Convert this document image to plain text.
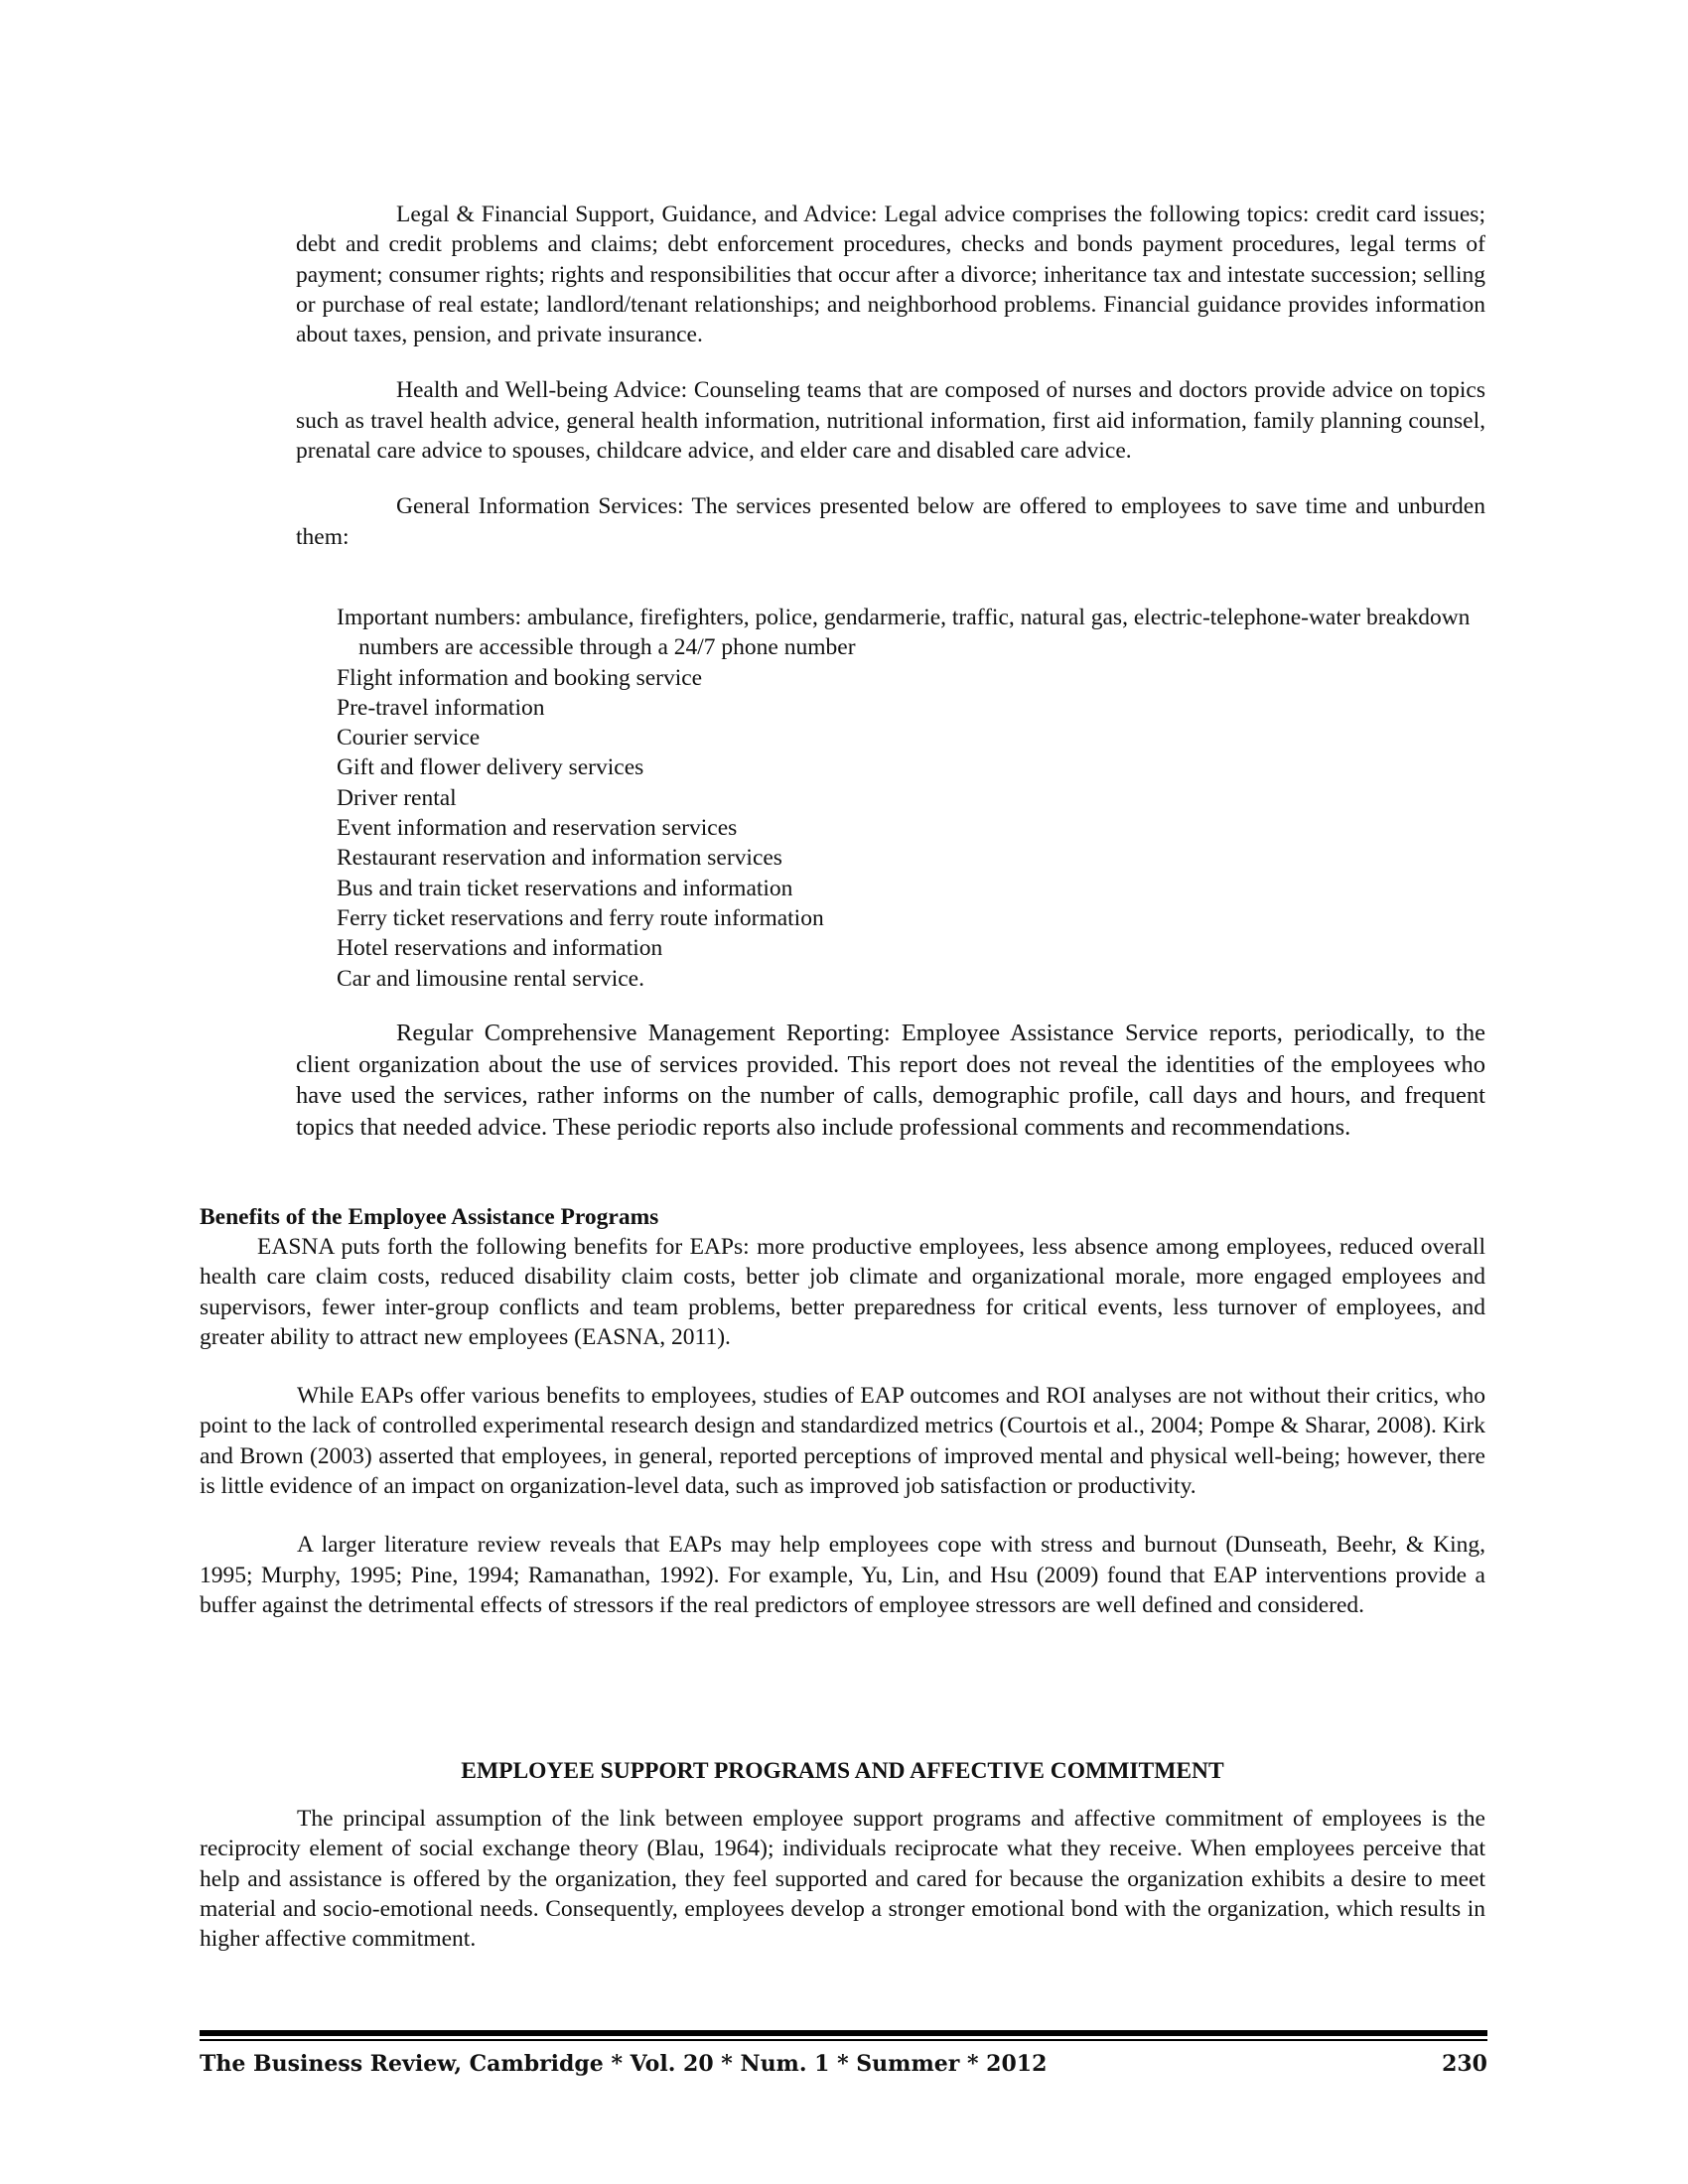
Legal & Financial Support, Guidance, and Advice: Legal advice comprises the following topics: credit card issues; debt and credit problems and claims; debt enforcement procedures, checks and bonds payment procedures, legal terms of payment; consumer rights; rights and responsibilities that occur after a divorce; inheritance tax and intestate succession; selling or purchase of real estate; landlord/tenant relationships; and neighborhood problems. Financial guidance provides information about taxes, pension, and private insurance.

Health and Well-being Advice: Counseling teams that are composed of nurses and doctors provide advice on topics such as travel health advice, general health information, nutritional information, first aid information, family planning counsel, prenatal care advice to spouses, childcare advice, and elder care and disabled care advice.

General Information Services: The services presented below are offered to employees to save time and unburden them:

Important numbers: ambulance, firefighters, police, gendarmerie, traffic, natural gas, electric-telephone-water breakdown numbers are accessible through a 24/7 phone number
Flight information and booking service
Pre-travel information
Courier service
Gift and flower delivery services
Driver rental
Event information and reservation services
Restaurant reservation and information services
Bus and train ticket reservations and information
Ferry ticket reservations and ferry route information
Hotel reservations and information
Car and limousine rental service.

Regular Comprehensive Management Reporting: Employee Assistance Service reports, periodically, to the client organization about the use of services provided. This report does not reveal the identities of the employees who have used the services, rather informs on the number of calls, demographic profile, call days and hours, and frequent topics that needed advice. These periodic reports also include professional comments and recommendations.

Benefits of the Employee Assistance Programs

EASNA puts forth the following benefits for EAPs: more productive employees, less absence among employees, reduced overall health care claim costs, reduced disability claim costs, better job climate and organizational morale, more engaged employees and supervisors, fewer inter-group conflicts and team problems, better preparedness for critical events, less turnover of employees, and greater ability to attract new employees (EASNA, 2011).

While EAPs offer various benefits to employees, studies of EAP outcomes and ROI analyses are not without their critics, who point to the lack of controlled experimental research design and standardized metrics (Courtois et al., 2004; Pompe & Sharar, 2008). Kirk and Brown (2003) asserted that employees, in general, reported perceptions of improved mental and physical well-being; however, there is little evidence of an impact on organization-level data, such as improved job satisfaction or productivity.

A larger literature review reveals that EAPs may help employees cope with stress and burnout (Dunseath, Beehr, & King, 1995; Murphy, 1995; Pine, 1994; Ramanathan, 1992). For example, Yu, Lin, and Hsu (2009) found that EAP interventions provide a buffer against the detrimental effects of stressors if the real predictors of employee stressors are well defined and considered.

EMPLOYEE SUPPORT PROGRAMS AND AFFECTIVE COMMITMENT

The principal assumption of the link between employee support programs and affective commitment of employees is the reciprocity element of social exchange theory (Blau, 1964); individuals reciprocate what they receive. When employees perceive that help and assistance is offered by the organization, they feel supported and cared for because the organization exhibits a desire to meet material and socio-emotional needs. Consequently, employees develop a stronger emotional bond with the organization, which results in higher affective commitment.

The Business Review, Cambridge * Vol. 20 * Num. 1 * Summer * 2012	230
